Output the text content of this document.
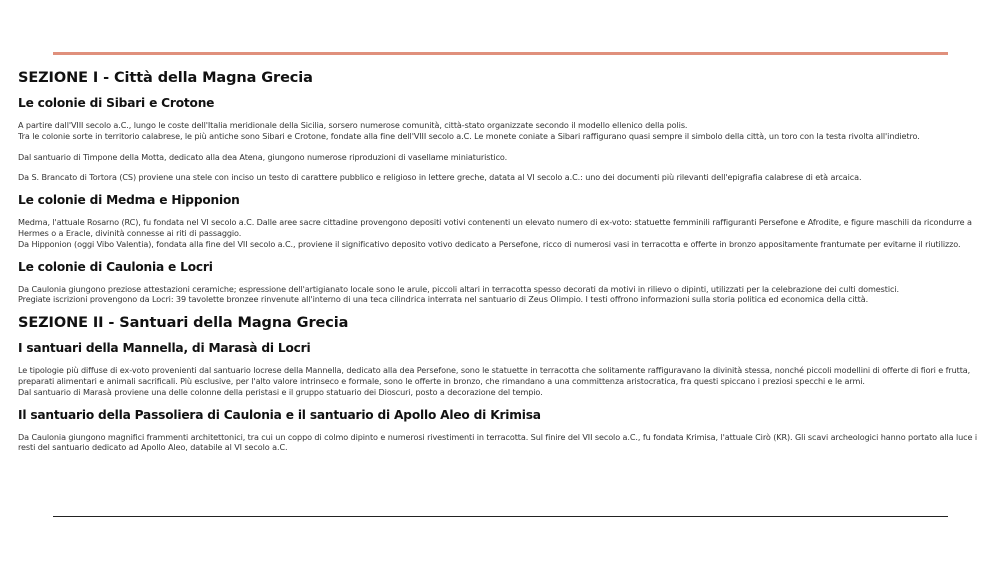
SEZIONE I - Città della Magna Grecia
Le colonie di Sibari e Crotone

A partire dall'VIII secolo a.C., lungo le coste dell'Italia meridionale della Sicilia, sorsero numerose comunità, città-stato organizzate secondo il modello ellenico della polis.
Tra le colonie sorte in territorio calabrese, le più antiche sono Sibari e Crotone, fondate alla fine dell'VIII secolo a.C. Le monete coniate a Sibari raffigurano quasi sempre il simbolo della città, un toro con la testa rivolta all'indietro.

Dal santuario di Timpone della Motta, dedicato alla dea Atena, giungono numerose riproduzioni di vasellame miniaturistico.

Da S. Brancato di Tortora (CS) proviene una stele con inciso un testo di carattere pubblico e religioso in lettere greche, datata al VI secolo a.C.: uno dei documenti più rilevanti dell'epigrafia calabrese di età arcaica.

Le colonie di Medma e Hipponion

Medma, l'attuale Rosarno (RC), fu fondata nel VI secolo a.C. Dalle aree sacre cittadine provengono depositi votivi contenenti un elevato numero di ex-voto: statuette femminili raffiguranti Persefone e Afrodite, e figure maschili da ricondurre a Hermes o a Eracle, divinità connesse ai riti di passaggio.
Da Hipponion (oggi Vibo Valentia), fondata alla fine del VII secolo a.C., proviene il significativo deposito votivo dedicato a Persefone, ricco di numerosi vasi in terracotta e offerte in bronzo appositamente frantumate per evitarne il riutilizzo.

Le colonie di Caulonia e Locri

Da Caulonia giungono preziose attestazioni ceramiche; espressione dell'artigianato locale sono le arule, piccoli altari in terracotta spesso decorati da motivi in rilievo o dipinti, utilizzati per la celebrazione dei culti domestici.
Pregiate iscrizioni provengono da Locri: 39 tavolette bronzee rinvenute all'interno di una teca cilindrica interrata nel santuario di Zeus Olimpio. I testi offrono informazioni sulla storia politica ed economica della città.

SEZIONE II - Santuari della Magna Grecia
I santuari della Mannella, di Marasà di Locri

Le tipologie più diffuse di ex-voto provenienti dal santuario locrese della Mannella, dedicato alla dea Persefone, sono le statuette in terracotta che solitamente raffiguravano la divinità stessa, nonché piccoli modellini di offerte di fiori e frutta, preparati alimentari e animali sacrificali. Più esclusive, per l'alto valore intrinseco e formale, sono le offerte in bronzo, che rimandano a una committenza aristocratica, fra questi spiccano i preziosi specchi e le armi.
Dal santuario di Marasà proviene una delle colonne della peristasi e il gruppo statuario dei Dioscuri, posto a decorazione del tempio.

Il santuario della Passoliera di Caulonia e il santuario di Apollo Aleo di Krimisa

Da Caulonia giungono magnifici frammenti architettonici, tra cui un coppo di colmo dipinto e numerosi rivestimenti in terracotta. Sul finire del VII secolo a.C., fu fondata Krimisa, l'attuale Cirò (KR). Gli scavi archeologici hanno portato alla luce i resti del santuario dedicato ad Apollo Aleo, databile al VI secolo a.C.
